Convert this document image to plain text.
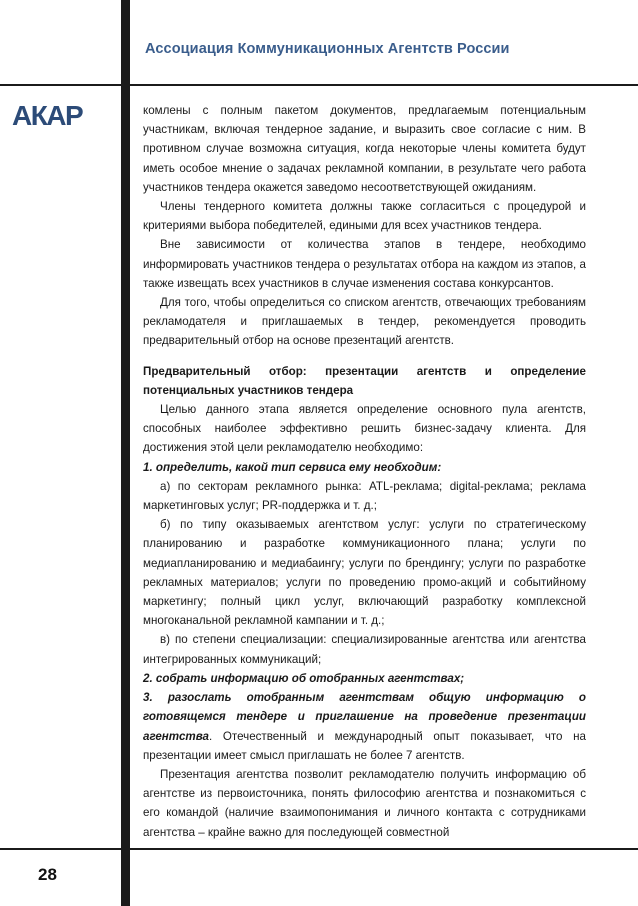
Ассоциация Коммуникационных Агентств России
АКАР
28

комлены с полным пакетом документов, предлагаемым потенциальным участникам, включая тендерное задание, и выразить свое согласие с ним. В противном случае возможна ситуация, когда некоторые члены комитета будут иметь особое мнение о задачах рекламной компании, в результате чего работа участников тендера окажется заведомо несоответствующей ожиданиям.

Члены тендерного комитета должны также согласиться с процедурой и критериями выбора победителей, едиными для всех участников тендера.

Вне зависимости от количества этапов в тендере, необходимо информировать участников тендера о результатах отбора на каждом из этапов, а также извещать всех участников в случае изменения состава конкурсантов.

Для того, чтобы определиться со списком агентств, отвечающих требованиям рекламодателя и приглашаемых в тендер, рекомендуется проводить предварительный отбор на основе презентаций агентств.

Предварительный отбор: презентации агентств и определение потенциальных участников тендера

Целью данного этапа является определение основного пула агентств, способных наиболее эффективно решить бизнес-задачу клиента. Для достижения этой цели рекламодателю необходимо:

1. определить, какой тип сервиса ему необходим:

а) по секторам рекламного рынка: ATL-реклама; digital-реклама; реклама маркетинговых услуг; PR-поддержка и т. д.;

б) по типу оказываемых агентством услуг: услуги по стратегическому планированию и разработке коммуникационного плана; услуги по медиапланированию и медиабаингу; услуги по брендингу; услуги по разработке рекламных материалов; услуги по проведению промо-акций и событийному маркетингу; полный цикл услуг, включающий разработку комплексной многоканальной рекламной кампании и т. д.;

в) по степени специализации: специализированные агентства или агентства интегрированных коммуникаций;

2. собрать информацию об отобранных агентствах;

3. разослать отобранным агентствам общую информацию о готовящемся тендере и приглашение на проведение презентации агентства. Отечественный и международный опыт показывает, что на презентации имеет смысл приглашать не более 7 агентств.

Презентация агентства позволит рекламодателю получить информацию об агентстве из первоисточника, понять философию агентства и познакомиться с его командой (наличие взаимопонимания и личного контакта с сотрудниками агентства – крайне важно для последующей совместной
